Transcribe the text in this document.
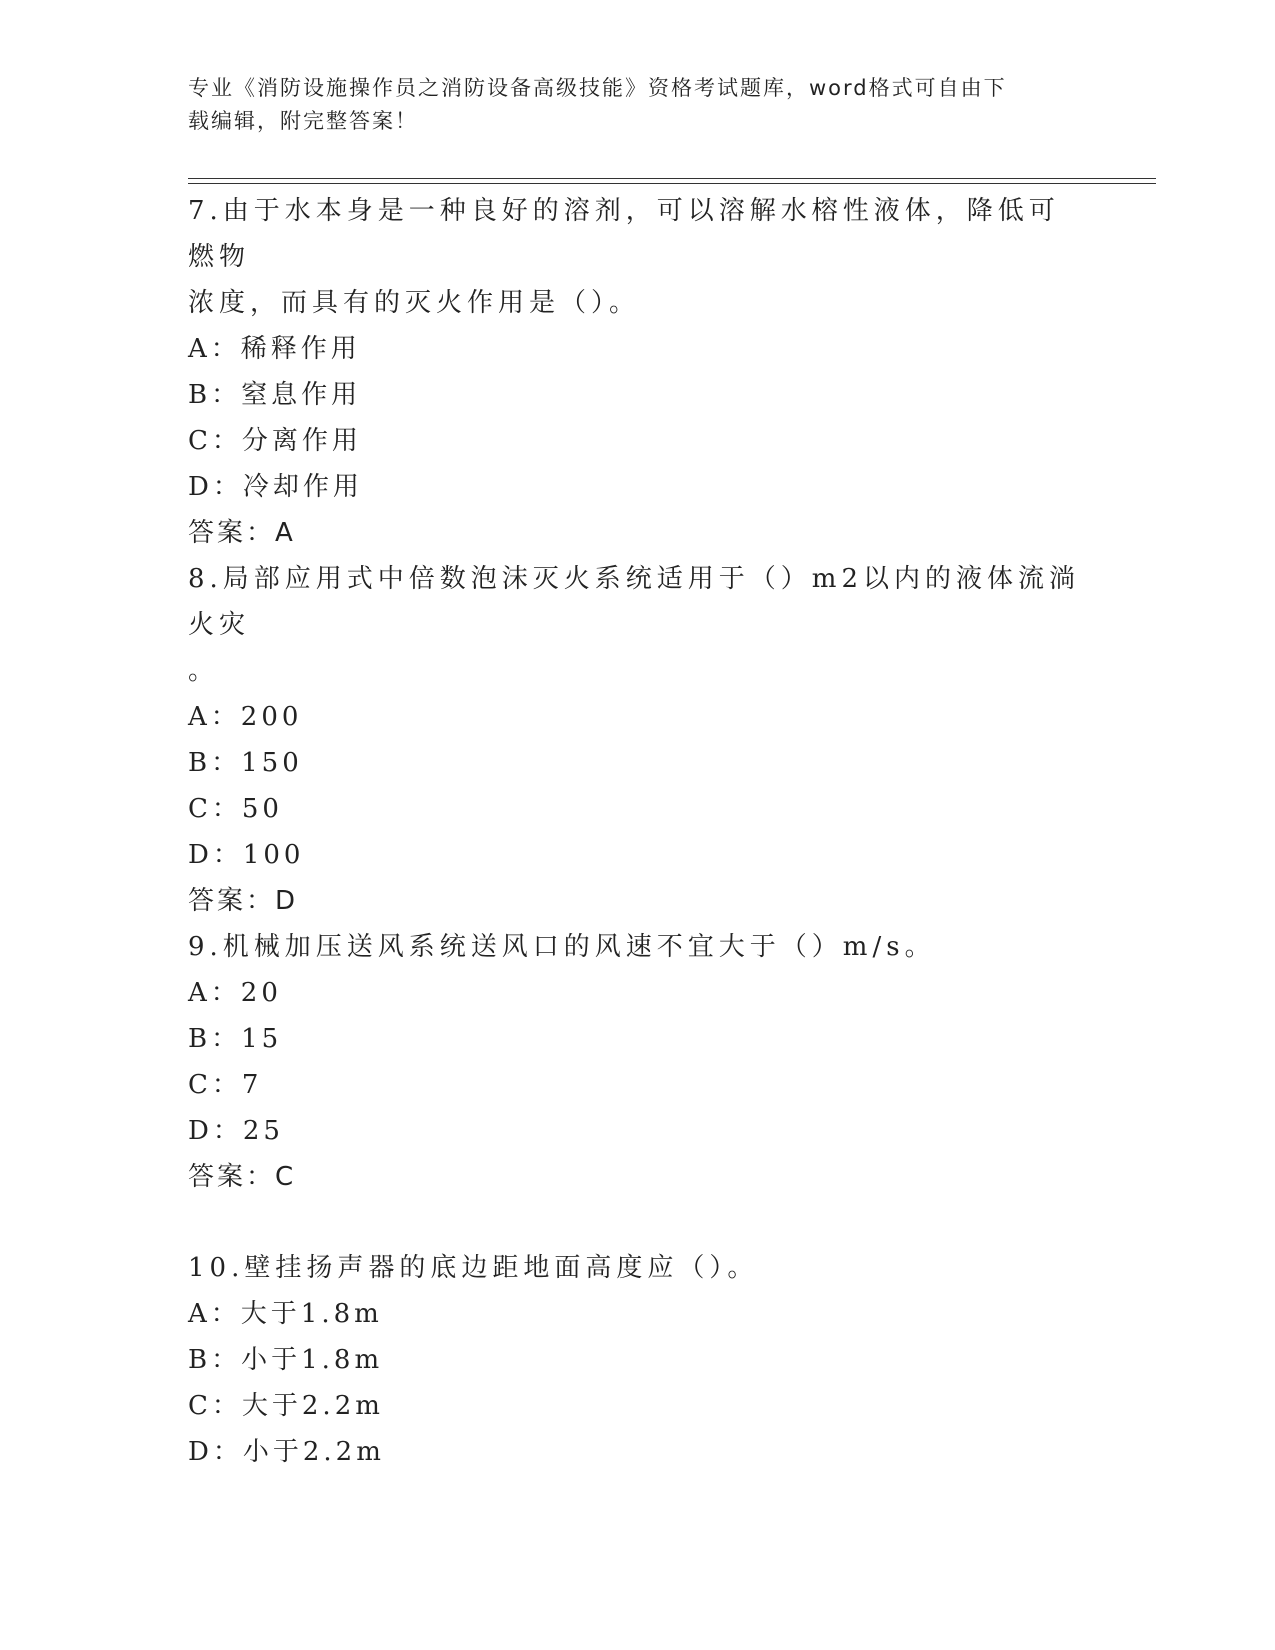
专业《消防设施操作员之消防设备高级技能》资格考试题库，word格式可自由下
载编辑，附完整答案！

7.由于水本身是一种良好的溶剂，可以溶解水榕性液体，降低可燃物

浓度，而具有的灭火作用是（）。

A：稀释作用

B：窒息作用

C：分离作用

D：冷却作用

答案：A

8.局部应用式中倍数泡沫灭火系统适用于（）m2以内的液体流淌火灾

。

A：200

B：150

C：50

D：100

答案：D

9.机械加压送风系统送风口的风速不宜大于（）m/s。

A：20

B：15

C：7

D：25

答案：C

10.壁挂扬声器的底边距地面高度应（）。

A：大于1.8m

B：小于1.8m

C：大于2.2m

D：小于2.2m
